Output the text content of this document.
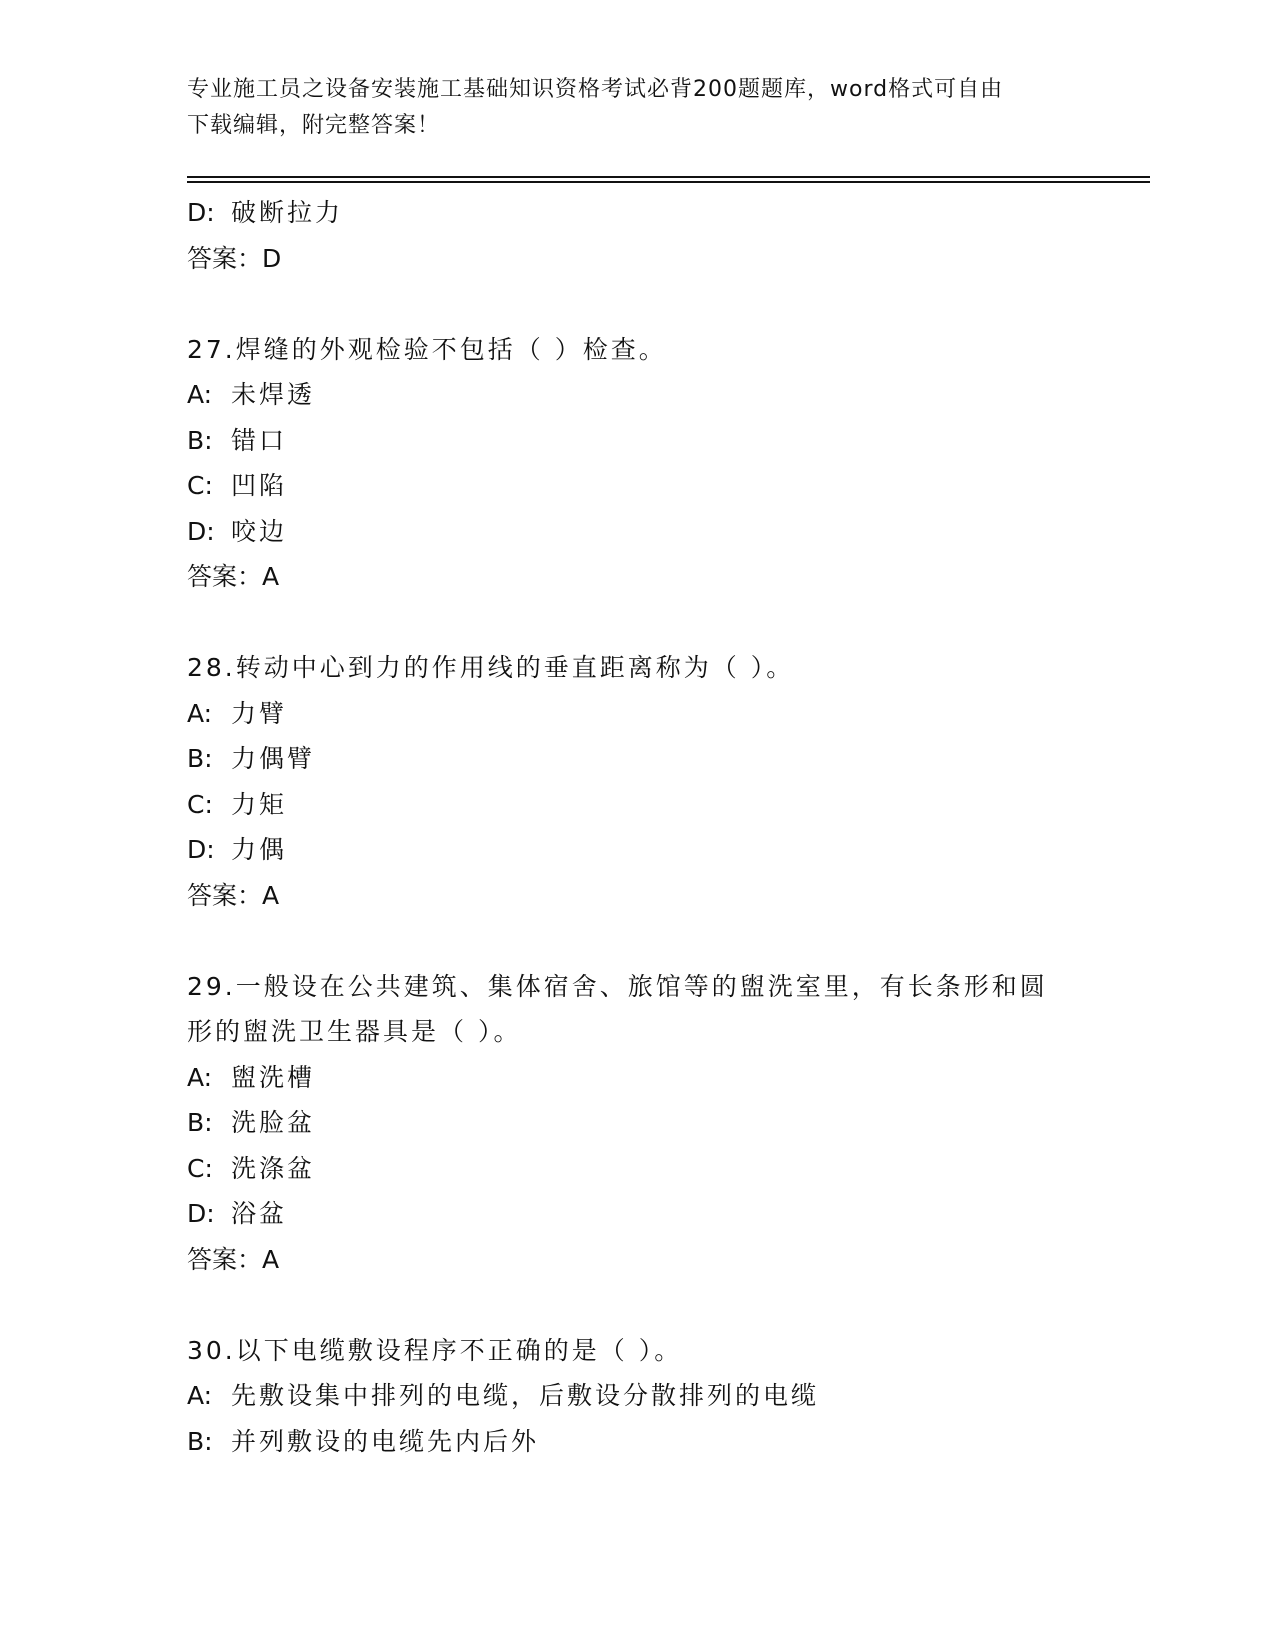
专业施工员之设备安装施工基础知识资格考试必背200题题库，word格式可自由
下载编辑，附完整答案！
D: 破断拉力
答案：D
27.焊缝的外观检验不包括（ ）检查。
A: 未焊透
B: 错口
C: 凹陷
D: 咬边
答案：A
28.转动中心到力的作用线的垂直距离称为（ ）。
A: 力臂
B: 力偶臂
C: 力矩
D: 力偶
答案：A
29.一般设在公共建筑、集体宿舍、旅馆等的盥洗室里，有长条形和圆
形的盥洗卫生器具是（ ）。
A: 盥洗槽
B: 洗脸盆
C: 洗涤盆
D: 浴盆
答案：A
30.以下电缆敷设程序不正确的是（ ）。
A: 先敷设集中排列的电缆，后敷设分散排列的电缆
B: 并列敷设的电缆先内后外
